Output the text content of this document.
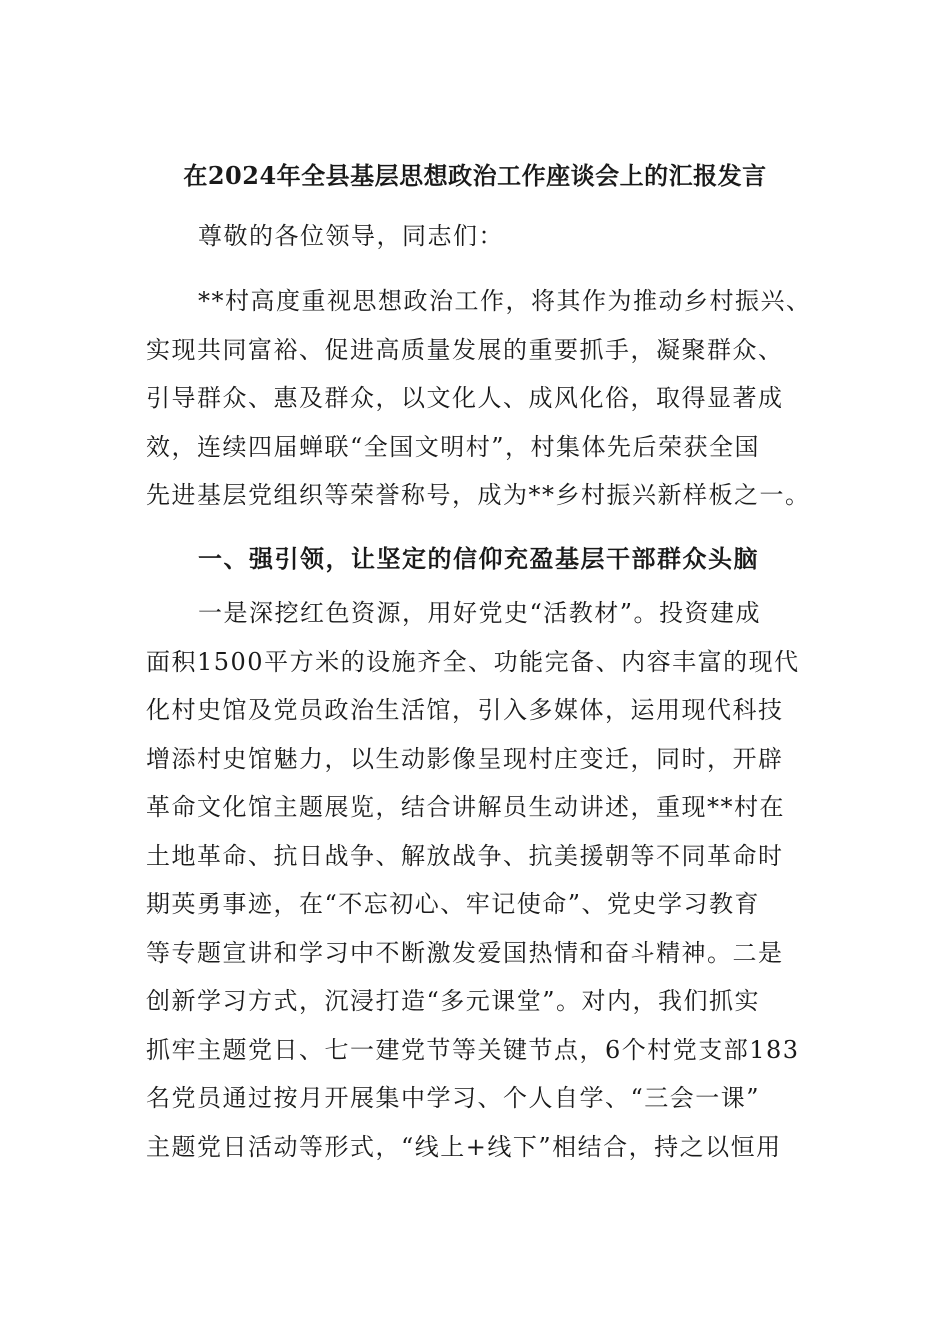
在2024年全县基层思想政治工作座谈会上的汇报发言
尊敬的各位领导，同志们：
**村高度重视思想政治工作，将其作为推动乡村振兴、
实现共同富裕、促进高质量发展的重要抓手，凝聚群众、
引导群众、惠及群众，以文化人、成风化俗，取得显著成
效，连续四届蝉联“全国文明村”，村集体先后荣获全国
先进基层党组织等荣誉称号，成为**乡村振兴新样板之一。
一、强引领，让坚定的信仰充盈基层干部群众头脑
一是深挖红色资源，用好党史“活教材”。投资建成
面积1500平方米的设施齐全、功能完备、内容丰富的现代
化村史馆及党员政治生活馆，引入多媒体，运用现代科技
增添村史馆魅力，以生动影像呈现村庄变迁，同时，开辟
革命文化馆主题展览，结合讲解员生动讲述，重现**村在
土地革命、抗日战争、解放战争、抗美援朝等不同革命时
期英勇事迹，在“不忘初心、牢记使命”、党史学习教育
等专题宣讲和学习中不断激发爱国热情和奋斗精神。二是
创新学习方式，沉浸打造“多元课堂”。对内，我们抓实
抓牢主题党日、七一建党节等关键节点，6个村党支部183
名党员通过按月开展集中学习、个人自学、“三会一课”
主题党日活动等形式，“线上+线下”相结合，持之以恒用
